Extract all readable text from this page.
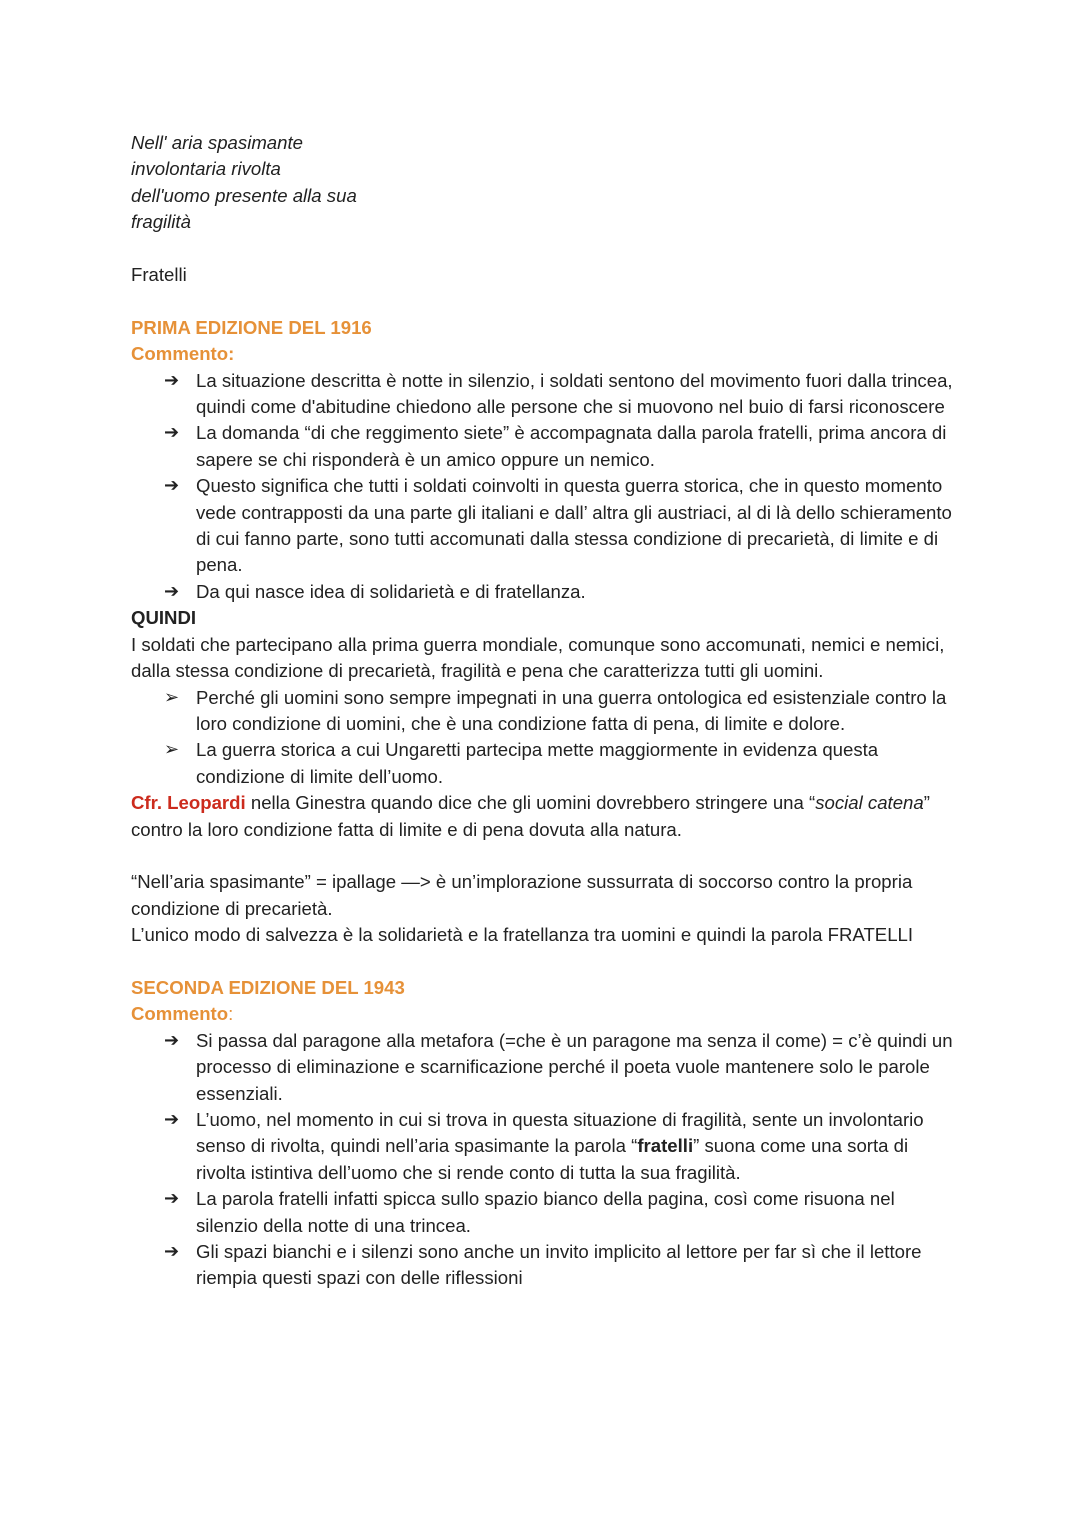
Nell' aria spasimante

involontaria rivolta

dell'uomo presente alla sua

fragilità

Fratelli

PRIMA EDIZIONE DEL 1916

Commento:

➔ La situazione descritta è notte in silenzio, i soldati sentono del movimento fuori dalla trincea, quindi come d'abitudine chiedono alle persone che si muovono nel buio di farsi riconoscere
➔ La domanda “di che reggimento siete” è accompagnata dalla parola fratelli, prima ancora di sapere se chi risponderà è un amico oppure un nemico.
➔ Questo significa che tutti i soldati coinvolti in questa guerra storica, che in questo momento vede contrapposti da una parte gli italiani e dall’ altra gli austriaci, al di là dello schieramento di cui fanno parte, sono tutti accomunati dalla stessa condizione di precarietà, di limite e di pena.
➔ Da qui nasce idea di solidarietà e di fratellanza.

QUINDI

I soldati che partecipano alla prima guerra mondiale, comunque sono accomunati, nemici e nemici, dalla stessa condizione di precarietà, fragilità e pena che caratterizza tutti gli uomini.

➢ Perché gli uomini sono sempre impegnati in una guerra ontologica ed esistenziale contro la loro condizione di uomini, che è una condizione fatta di pena, di limite e dolore.
➢ La guerra storica a cui Ungaretti partecipa mette maggiormente in evidenza questa condizione di limite dell’uomo.

Cfr. Leopardi nella Ginestra quando dice che gli uomini dovrebbero stringere una “social catena” contro la loro condizione fatta di limite e di pena dovuta alla natura.

“Nell’aria spasimante” = ipallage —> è un’implorazione sussurrata di soccorso contro la propria condizione di precarietà.

L’unico modo di salvezza è la solidarietà e la fratellanza tra uomini e quindi la parola FRATELLI

SECONDA EDIZIONE DEL 1943

Commento:

➔ Si passa dal paragone alla metafora (=che è un paragone ma senza il come) = c’è quindi un processo di eliminazione e scarnificazione perché il poeta vuole mantenere solo le parole essenziali.
➔ L’uomo, nel momento in cui si trova in questa situazione di fragilità, sente un involontario senso di rivolta, quindi nell’aria spasimante la parola “fratelli” suona come una sorta di rivolta istintiva dell’uomo che si rende conto di tutta la sua fragilità.
➔ La parola fratelli infatti spicca sullo spazio bianco della pagina, così come risuona nel silenzio della notte di una trincea.
➔ Gli spazi bianchi e i silenzi sono anche un invito implicito al lettore per far sì che il lettore riempia questi spazi con delle riflessioni
